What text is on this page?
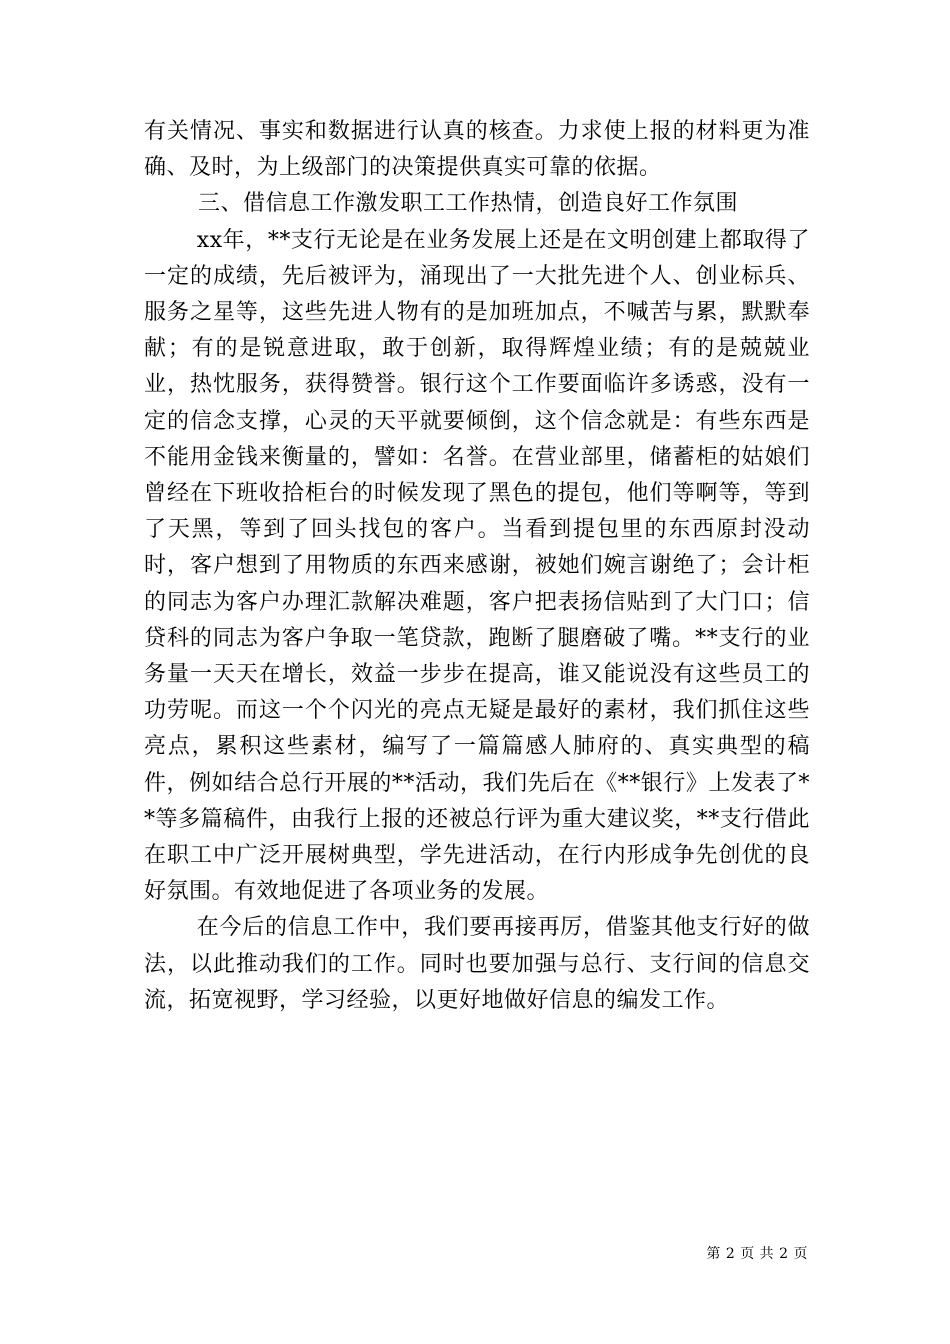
有关情况、事实和数据进行认真的核查。力求使上报的材料更为准确、及时，为上级部门的决策提供真实可靠的依据。

三、借信息工作激发职工工作热情，创造良好工作氛围

xx年，**支行无论是在业务发展上还是在文明创建上都取得了一定的成绩，先后被评为，涌现出了一大批先进个人、创业标兵、服务之星等，这些先进人物有的是加班加点，不喊苦与累，默默奉献；有的是锐意进取，敢于创新，取得辉煌业绩；有的是兢兢业业，热忱服务，获得赞誉。银行这个工作要面临许多诱惑，没有一定的信念支撑，心灵的天平就要倾倒，这个信念就是：有些东西是不能用金钱来衡量的，譬如：名誉。在营业部里，储蓄柜的姑娘们曾经在下班收拾柜台的时候发现了黑色的提包，他们等啊等，等到了天黑，等到了回头找包的客户。当看到提包里的东西原封没动时，客户想到了用物质的东西来感谢，被她们婉言谢绝了；会计柜的同志为客户办理汇款解决难题，客户把表扬信贴到了大门口；信贷科的同志为客户争取一笔贷款，跑断了腿磨破了嘴。**支行的业务量一天天在增长，效益一步步在提高，谁又能说没有这些员工的功劳呢。而这一个个闪光的亮点无疑是最好的素材，我们抓住这些亮点，累积这些素材，编写了一篇篇感人肺府的、真实典型的稿件，例如结合总行开展的**活动，我们先后在《**银行》上发表了**等多篇稿件，由我行上报的还被总行评为重大建议奖，**支行借此在职工中广泛开展树典型，学先进活动，在行内形成争先创优的良好氛围。有效地促进了各项业务的发展。

在今后的信息工作中，我们要再接再厉，借鉴其他支行好的做法，以此推动我们的工作。同时也要加强与总行、支行间的信息交流，拓宽视野，学习经验，以更好地做好信息的编发工作。

第 2 页 共 2 页
